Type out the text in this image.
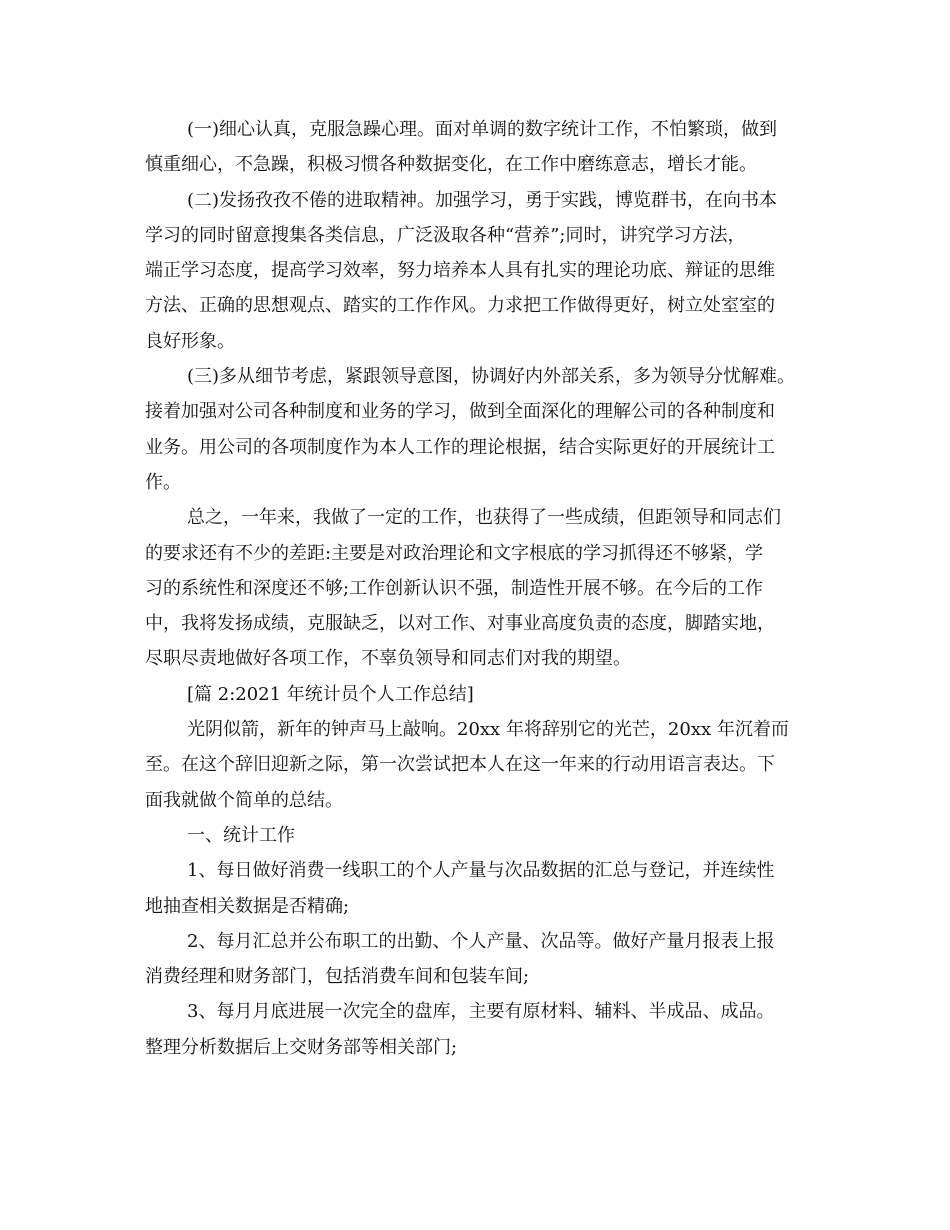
(一)细心认真，克服急躁心理。面对单调的数字统计工作，不怕繁琐，做到
慎重细心，不急躁，积极习惯各种数据变化，在工作中磨练意志，增长才能。
(二)发扬孜孜不倦的进取精神。加强学习，勇于实践，博览群书，在向书本
学习的同时留意搜集各类信息，广泛汲取各种“营养”;同时，讲究学习方法，
端正学习态度，提高学习效率，努力培养本人具有扎实的理论功底、辩证的思维
方法、正确的思想观点、踏实的工作作风。力求把工作做得更好，树立处室室的
良好形象。
(三)多从细节考虑，紧跟领导意图，协调好内外部关系，多为领导分忧解难。
接着加强对公司各种制度和业务的学习，做到全面深化的理解公司的各种制度和
业务。用公司的各项制度作为本人工作的理论根据，结合实际更好的开展统计工
作。
总之，一年来，我做了一定的工作，也获得了一些成绩，但距领导和同志们
的要求还有不少的差距:主要是对政治理论和文字根底的学习抓得还不够紧，学
习的系统性和深度还不够;工作创新认识不强，制造性开展不够。在今后的工作
中，我将发扬成绩，克服缺乏，以对工作、对事业高度负责的态度，脚踏实地，
尽职尽责地做好各项工作，不辜负领导和同志们对我的期望。
[篇 2:2021 年统计员个人工作总结]
光阴似箭，新年的钟声马上敲响。20xx 年将辞别它的光芒，20xx 年沉着而
至。在这个辞旧迎新之际，第一次尝试把本人在这一年来的行动用语言表达。下
面我就做个简单的总结。
一、统计工作
1、每日做好消费一线职工的个人产量与次品数据的汇总与登记，并连续性
地抽查相关数据是否精确;
2、每月汇总并公布职工的出勤、个人产量、次品等。做好产量月报表上报
消费经理和财务部门，包括消费车间和包装车间;
3、每月月底进展一次完全的盘库，主要有原材料、辅料、半成品、成品。
整理分析数据后上交财务部等相关部门;
